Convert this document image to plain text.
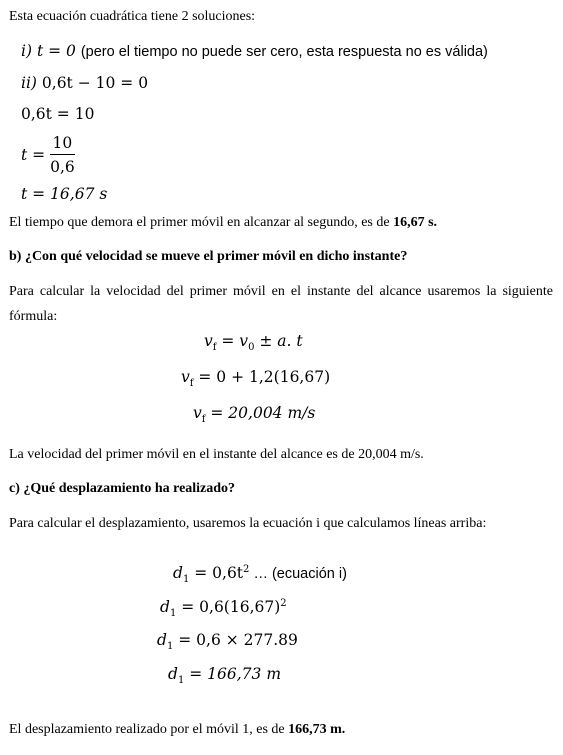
Esta ecuación cuadrática tiene 2 soluciones:
i) t = 0 (pero el tiempo no puede ser cero, esta respuesta no es válida)
ii) 0,6t − 10 = 0
0,6t = 10
$t = \frac{10}{0,6}$
t = 16,67 s
El tiempo que demora el primer móvil en alcanzar al segundo, es de 16,67 s.
b) ¿Con qué velocidad se mueve el primer móvil en dicho instante?
Para calcular la velocidad del primer móvil en el instante del alcance usaremos la siguiente
fórmula:
$v_f = v_0 \pm a$. t
$v_f = 0 + 1,2(16,67)$
$v_f = 20,004$ m/s
La velocidad del primer móvil en el instante del alcance es de 20,004 m/s.
c) ¿Qué desplazamiento ha realizado?
Para calcular el desplazamiento, usaremos la ecuación i que calculamos líneas arriba:
$d_1 = 0,6t^2$ … (ecuación i)
$d_1 = 0,6(16,67)^2$
$d_1 = 0,6 \times 277.89$
$d_1 = 166,73$ m
El desplazamiento realizado por el móvil 1, es de 166,73 m.
